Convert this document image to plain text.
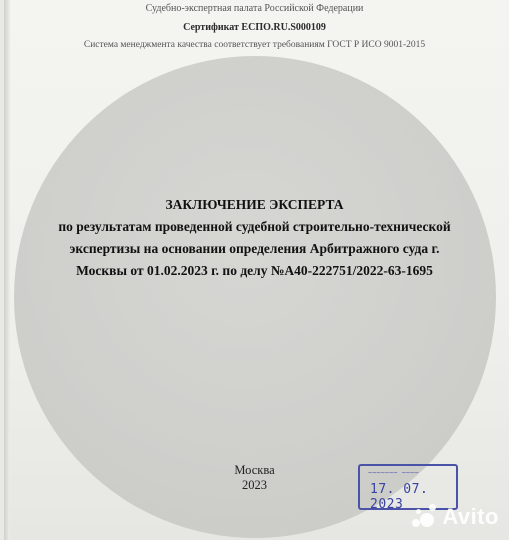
Судебно-экспертная палата Российской Федерации
Сертификат ЕСПО.RU.S000109
Система менеджмента качества соответствует требованиям ГОСТ Р ИСО 9001-2015
ЗАКЛЮЧЕНИЕ ЭКСПЕРТА
по результатам проведенной судебной строительно-технической
экспертизы на основании определения Арбитражного суда г.
Москвы от 01.02.2023 г. по делу №А40-222751/2022-63-1695
Москва
2023
~~~~~~~ ~~~~
17. 07. 2023	Avito
